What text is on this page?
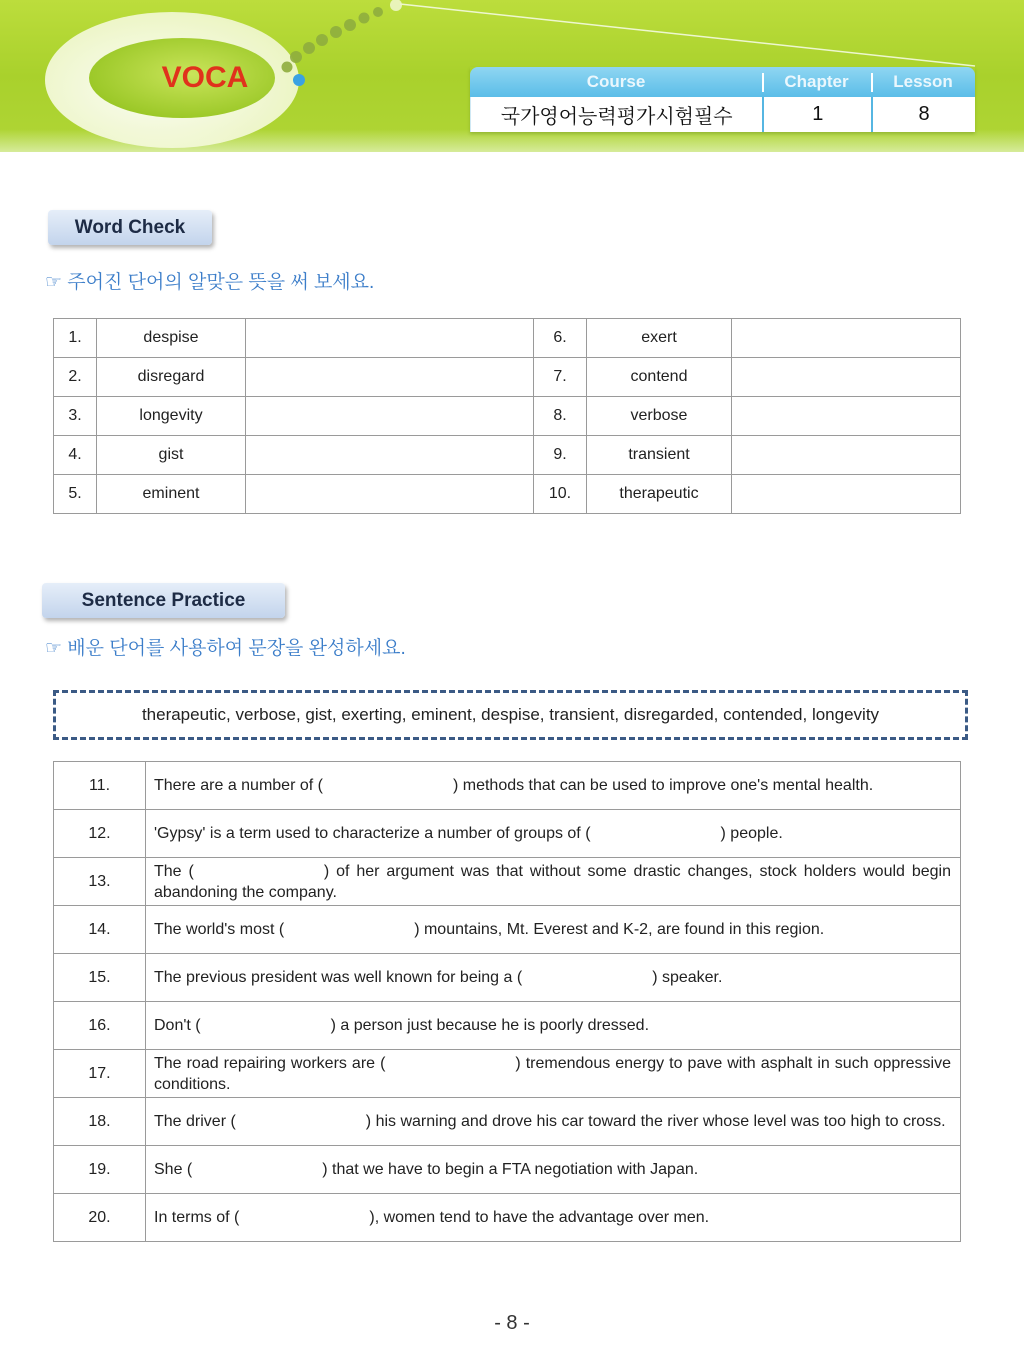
VOCA	Course	Chapter	Lesson
국가영어능력평가시험필수	1	8
Word Check
☞ 주어진 단어의 알맞은 뜻을 써 보세요.
1.	despise		6.	exert	
2.	disregard		7.	contend	
3.	longevity		8.	verbose	
4.	gist		9.	transient	
5.	eminent		10.	therapeutic	
Sentence Practice
☞ 배운 단어를 사용하여 문장을 완성하세요.
therapeutic, verbose, gist, exerting, eminent, despise, transient, disregarded, contended, longevity
11.	There are a number of ( ) methods that can be used to improve one's mental health.
12.	'Gypsy' is a term used to characterize a number of groups of ( ) people.
13.	The ( ) of her argument was that without some drastic changes, stock holders would begin abandoning the company.
14.	The world's most ( ) mountains, Mt. Everest and K-2, are found in this region.
15.	The previous president was well known for being a ( ) speaker.
16.	Don't ( ) a person just because he is poorly dressed.
17.	The road repairing workers are ( ) tremendous energy to pave with asphalt in such oppressive conditions.
18.	The driver ( ) his warning and drove his car toward the river whose level was too high to cross.
19.	She ( ) that we have to begin a FTA negotiation with Japan.
20.	In terms of ( ), women tend to have the advantage over men.
- 8 -
